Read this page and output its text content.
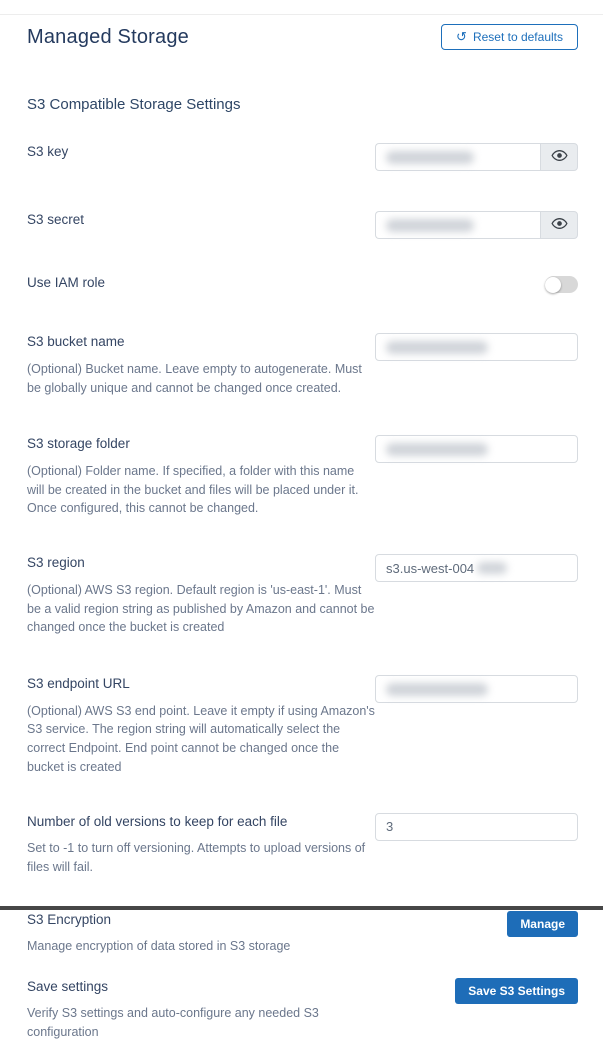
Managed Storage	↺ Reset to defaults
S3 Compatible Storage Settings
S3 key
S3 secret
Use IAM role
S3 bucket name
(Optional) Bucket name. Leave empty to autogenerate. Must be globally unique and cannot be changed once created.
S3 storage folder
(Optional) Folder name. If specified, a folder with this name will be created in the bucket and files will be placed under it. Once configured, this cannot be changed.
S3 region
(Optional) AWS S3 region. Default region is 'us-east-1'. Must be a valid region string as published by Amazon and cannot be changed once the bucket is created
s3.us-west-004
S3 endpoint URL
(Optional) AWS S3 end point. Leave it empty if using Amazon's S3 service. The region string will automatically select the correct Endpoint. End point cannot be changed once the bucket is created
Number of old versions to keep for each file
Set to -1 to turn off versioning. Attempts to upload versions of files will fail.
3
S3 Encryption
Manage encryption of data stored in S3 storage
Manage
Save settings
Verify S3 settings and auto-configure any needed S3 configuration
Save S3 Settings
